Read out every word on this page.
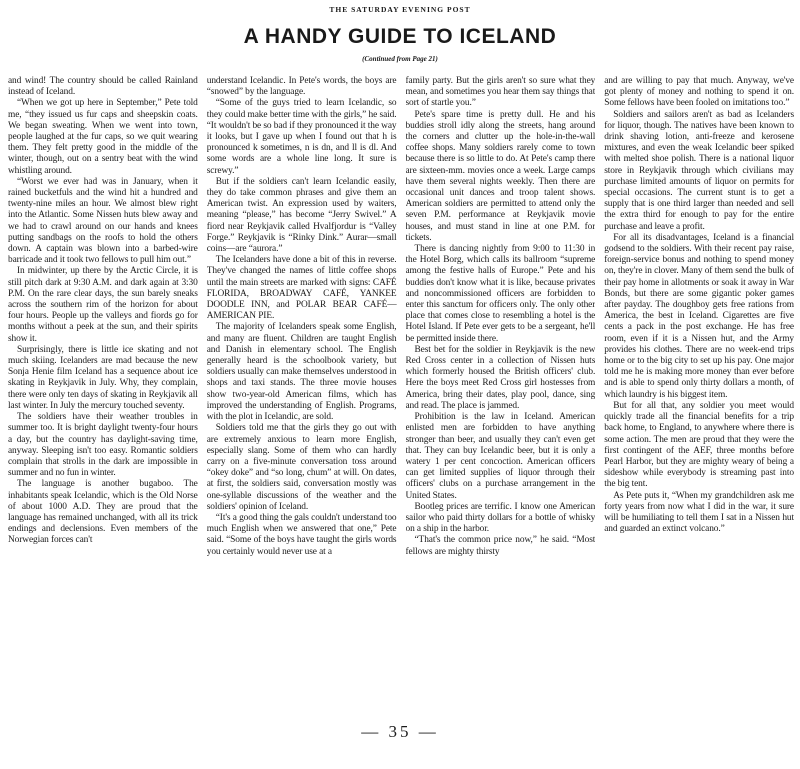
THE SATURDAY EVENING POST
A HANDY GUIDE TO ICELAND
(Continued from Page 21)

and wind! The country should be called Rainland instead of Iceland.

“When we got up here in September,” Pete told me, “they issued us fur caps and sheepskin coats. We began sweating. When we went into town, people laughed at the fur caps, so we quit wearing them. They felt pretty good in the middle of the winter, though, out on a sentry beat with the wind whistling around.

“Worst we ever had was in January, when it rained bucketfuls and the wind hit a hundred and twenty-nine miles an hour. We almost blew right into the Atlantic. Some Nissen huts blew away and we had to crawl around on our hands and knees putting sandbags on the roofs to hold the others down. A captain was blown into a barbed-wire barricade and it took two fellows to pull him out.”

In midwinter, up there by the Arctic Circle, it is still pitch dark at 9:30 A.M. and dark again at 3:30 P.M. On the rare clear days, the sun barely sneaks across the southern rim of the horizon for about four hours. People up the valleys and fiords go for months without a peek at the sun, and their spirits show it.

Surprisingly, there is little ice skating and not much skiing. Icelanders are mad because the new Sonja Henie film Iceland has a sequence about ice skating in Reykjavik in July. Why, they complain, there were only ten days of skating in Reykjavik all last winter. In July the mercury touched seventy.

The soldiers have their weather troubles in summer too. It is bright daylight twenty-four hours a day, but the country has daylight-saving time, anyway. Sleeping isn't too easy. Romantic soldiers complain that strolls in the dark are impossible in summer and no fun in winter.

The language is another bugaboo. The inhabitants speak Icelandic, which is the Old Norse of about 1000 A.D. They are proud that the language has remained unchanged, with all its trick endings and declensions. Even members of the Norwegian forces can't

understand Icelandic. In Pete's words, the boys are “snowed” by the language.

“Some of the guys tried to learn Icelandic, so they could make better time with the girls,” he said. “It wouldn't be so bad if they pronounced it the way it looks, but I gave up when I found out that h is pronounced k sometimes, n is dn, and ll is dl. And some words are a whole line long. It sure is screwy.”

But if the soldiers can't learn Icelandic easily, they do take common phrases and give them an American twist. An expression used by waiters, meaning “please,” has become “Jerry Swivel.” A fiord near Reykjavik called Hvalfjordur is “Valley Forge.” Reykjavik is “Rinky Dink.” Aurar—small coins—are “aurora.”

The Icelanders have done a bit of this in reverse. They've changed the names of little coffee shops until the main streets are marked with signs: CAFÉ FLORIDA, BROADWAY CAFÉ, YANKEE DOODLE INN, and POLAR BEAR CAFÉ—AMERICAN PIE.

The majority of Icelanders speak some English, and many are fluent. Children are taught English and Danish in elementary school. The English generally heard is the schoolbook variety, but soldiers usually can make themselves understood in shops and taxi stands. The three movie houses show two-year-old American films, which has improved the understanding of English. Programs, with the plot in Icelandic, are sold.

Soldiers told me that the girls they go out with are extremely anxious to learn more English, especially slang. Some of them who can hardly carry on a five-minute conversation toss around “okey doke” and “so long, chum” at will. On dates, at first, the soldiers said, conversation mostly was one-syllable discussions of the weather and the soldiers' opinion of Iceland.

“It's a good thing the gals couldn't understand too much English when we answered that one,” Pete said. “Some of the boys have taught the girls words you certainly would never use at a

family party. But the girls aren't so sure what they mean, and sometimes you hear them say things that sort of startle you.”

Pete's spare time is pretty dull. He and his buddies stroll idly along the streets, hang around the corners and clutter up the hole-in-the-wall coffee shops. Many soldiers rarely come to town because there is so little to do. At Pete's camp there are sixteen-mm. movies once a week. Large camps have them several nights weekly. Then there are occasional unit dances and troop talent shows. American soldiers are permitted to attend only the seven P.M. performance at Reykjavik movie houses, and must stand in line at one P.M. for tickets.

There is dancing nightly from 9:00 to 11:30 in the Hotel Borg, which calls its ballroom “supreme among the festive halls of Europe.” Pete and his buddies don't know what it is like, because privates and noncommissioned officers are forbidden to enter this sanctum for officers only. The only other place that comes close to resembling a hotel is the Hotel Island. If Pete ever gets to be a sergeant, he'll be permitted inside there.

Best bet for the soldier in Reykjavik is the new Red Cross center in a collection of Nissen huts which formerly housed the British officers' club. Here the boys meet Red Cross girl hostesses from America, bring their dates, play pool, dance, sing and read. The place is jammed.

Prohibition is the law in Iceland. American enlisted men are forbidden to have anything stronger than beer, and usually they can't even get that. They can buy Icelandic beer, but it is only a watery 1 per cent concoction. American officers can get limited supplies of liquor through their officers' clubs on a purchase arrangement in the United States.

Bootleg prices are terrific. I know one American sailor who paid thirty dollars for a bottle of whisky on a ship in the harbor.

“That's the common price now,” he said. “Most fellows are mighty thirsty

and are willing to pay that much. Anyway, we've got plenty of money and nothing to spend it on. Some fellows have been fooled on imitations too.”

Soldiers and sailors aren't as bad as Icelanders for liquor, though. The natives have been known to drink shaving lotion, anti-freeze and kerosene mixtures, and even the weak Icelandic beer spiked with melted shoe polish. There is a national liquor store in Reykjavik through which civilians may purchase limited amounts of liquor on permits for special occasions. The current stunt is to get a supply that is one third larger than needed and sell the extra third for enough to pay for the entire purchase and leave a profit.

For all its disadvantages, Iceland is a financial godsend to the soldiers. With their recent pay raise, foreign-service bonus and nothing to spend money on, they're in clover. Many of them send the bulk of their pay home in allotments or soak it away in War Bonds, but there are some gigantic poker games after payday. The doughboy gets free rations from America, the best in Iceland. Cigarettes are five cents a pack in the post exchange. He has free room, even if it is a Nissen hut, and the Army provides his clothes. There are no week-end trips home or to the big city to set up his pay. One major told me he is making more money than ever before and is able to spend only thirty dollars a month, of which laundry is his biggest item.

But for all that, any soldier you meet would quickly trade all the financial benefits for a trip back home, to England, to anywhere where there is some action. The men are proud that they were the first contingent of the AEF, three months before Pearl Harbor, but they are mighty weary of being a sideshow while everybody is streaming past into the big tent.

As Pete puts it, “When my grandchildren ask me forty years from now what I did in the war, it sure will be humiliating to tell them I sat in a Nissen hut and guarded an extinct volcano.”

— 35 —
